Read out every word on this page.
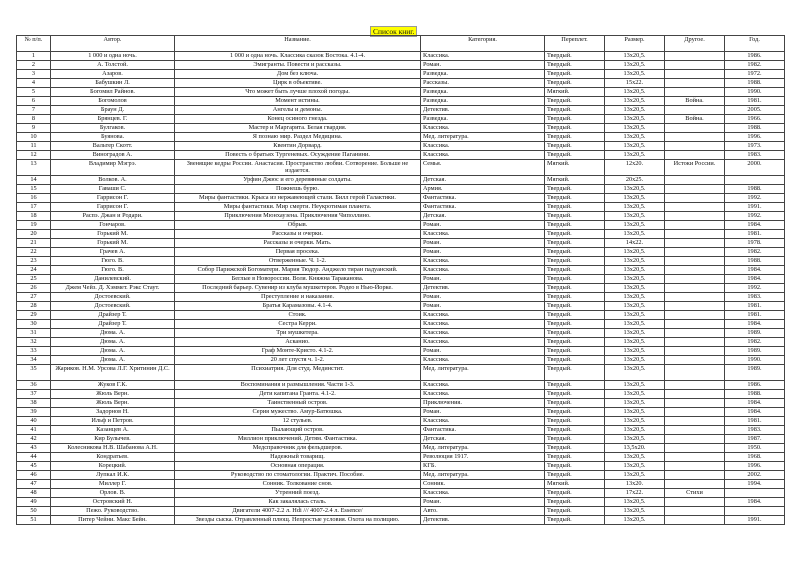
Список книг.
№ п/п.	Автор.	Название.	Категория.	Переплет.	Размер.	Другое.	Год.
1	1 000 и одна ночь.	1 000 и одна ночь. Классика сказок Востока. 4.1-4.	Классика.	Твердый.	13х20,5.		1986.
2	А. Толстой.	Эмигранты. Повести и рассказы.	Роман.	Твердый.	13х20,5.		1982.
3	Азаров.	Дом без ключа.	Разведка.	Твердый.	13х20,5.		1972.
4	Бабушкин Л.	Цирк в объективе.	Рассказы.	Твердый.	15х22.		1988.
5	Богомил Райнов.	Что может быть лучше плохой погоды.	Разведка.	Мягкий.	13х20,5.		1990.
6	Богомолов	Момент истины.	Разведка.	Твердый.	13х20,5.	Война.	1981.
7	Браун Д.	Ангелы и демоны.	Детектив.	Твердый.	13х20,5.		2005.
8	Брянцев. Г.	Конец осиного гнезда.	Разведка.	Твердый.	13х20,5.	Война.	1966.
9	Булгаков.	Мастер и Маргарита. Белая гвардия.	Классика.	Твердый.	13х20,5.		1988.
10	Буянова.	Я познаю мир. Раздел Медицина.	Мед. литература.	Твердый.	13х20,5.		1996.
11	Вальтер Скотт.	Квентин Дорвард.	Классика.	Твердый.	13х20,5.		1973.
12	Виноградов А.	Повесть о братьях Тургеневых. Осуждение Паганини.	Классика.	Твердый.	13х20,5.		1983.
13	Владимир Мэгрэ.	Звенящие кедры России. Анастасия. Пространство любви. Сотворение. Больше не издается.	Семья.	Мягкий.	12х20.	Истоки России.	2000.
14	Волков. А.	Урфин Джюс и его деревянные солдаты.	Детская.	Мягкий.	20х25.		
15	Гаваши С.	Пожнешь бурю.	Армия.	Твердый.	13х20,5.		1988.
16	Гаррисон Г.	Миры фантастики. Крыса из нержавеющей стали. Билл герой Галактики.	Фантастика.	Твердый.	13х20,5.		1992.
17	Гаррисон Г.	Миры фантастики. Мир смерти. Неукротимая планета.	Фантастика.	Твердый.	13х20,5.		1991.
18	Распэ. Джан и Родари.	Приключения Мюнхаузена. Приключения Чиполлино.	Детская.	Твердый.	13х20,5.		1992.
19	Гончаров.	Обрыв.	Роман.	Твердый.	13х20,5.		1984.
20	Горький М.	Рассказы и очерки.	Классика.	Твердый.	13х20,5.		1981.
21	Горький М.	Рассказы и очерки. Мать.	Роман.	Твердый.	14х22.		1978.
22	Грачев А.	Первая просека.	Роман.	Твердый.	13х20,5.		1982.
23	Гюго. В.	Отверженные. Ч. 1-2.	Классика.	Твердый.	13х20,5.		1988.
24	Гюго. В.	Собор Парижской Богоматери. Мария Тюдор. Анджело тиран падуанский.	Классика.	Твердый.	13х20,5.		1984.
25	Данилевский.	Беглые в Новороссии. Воля. Княжна Тараканова.	Роман.	Твердый.	13х20,5.		1984.
26	Джем Чейз. Д. Хэммет. Рэкс Стаут.	Последний барьер. Сувенир из клуба мушкетеров. Родео в Нью-Йорке.	Детектив.	Твердый.	13х20,5.		1992.
27	Достоевский.	Преступление и наказание.	Роман.	Твердый.	13х20,5.		1983.
28	Достоевский.	Братья Карамазовы. 4.1-4.	Роман.	Твердый.	13х20,5.		1981.
29	Драйзер Т.	Стоик.	Классика.	Твердый.	13х20,5.		1981.
30	Драйзер Т.	Сестра Керри.	Классика.	Твердый.	13х20,5.		1984.
31	Дюма. А.	Три мушкетера.	Классика.	Твердый.	13х20,5.		1989.
32	Дюма. А.	Асканио.	Классика.	Твердый.	13х20,5.		1982.
33	Дюма. А.	Граф Монте-Кристо. 4.1-2.	Роман.	Твердый.	13х20,5.		1989.
34	Дюма. А.	20 лет спустя ч. 1-2.	Классика.	Твердый.	13х20,5.		1990.
35	Жариков. Н.М. Урсова Л.Г. Хритинин Д.С.	Психиатрия. Для студ. Мединстит.	Мед. литература.	Твердый.	13х20,5.		1989.
36	Жуков Г.К.	Воспоминания и размышления. Части 1-3.	Классика.	Твердый.	13х20,5.		1986.
37	Жюль Верн.	Дети капитана Гранта. 4.1-2.	Классика.	Твердый.	13х20,5.		1988.
38	Жюль Верн.	Таинственный остров.	Приключения.	Твердый.	13х20,5.		1984.
39	Задорнов Н.	Серия мужество. Амур-Батюшка.	Роман.	Твердый.	13х20,5.		1984.
40	Ильф и Петров.	12 стульев.	Классика.	Твердый.	13х20,5.		1981.
41	Казанцев А.	Пылающий остров.	Фантастика.	Твердый.	13х20,5.		1983.
42	Кир Булычев.	Миллион приключений. Детям. Фантастика.	Детская.	Твердый.	13х20,5.		1987.
43	Колесникова Н.В. Шабанова А.Н.	Медсправочник для фельдшеров.	Мед. литература.	Твердый.	13,5х20.		1950.
44	Кондратьев.	Надежный товарищ.	Революция 1917.	Твердый.	13х20,5.		1968.
45	Корецкий.	Основная операция.	КГБ.	Твердый.	13х20,5.		1996.
46	Лупкал И.К.	Руководство по стоматологии. Практич. Пособие.	Мед. литература.	Твердый.	13х20,5.		2002.
47	Миллер Г.	Сонник. Толкование снов.	Сонник.	Мягкий.	13х20.		1994.
48	Орлов. В.	Утренний поезд.	Классика.	Твердый.	17х22.	Стихи	
49	Островский Н.	Как закалялась сталь.	Роман.	Твердый.	13х20,5.		1984.
50	Пежо. Руководство.	Двигатели 4007-2.2 л. Hdi /// 4007-2.4 л. Essence/	Авто.	Твердый.	13х20,5.		
51	Питер Чейни. Макс Бейн.	Звезды сыска. Отравленный плющ. Непростые условия. Охота на полицию.	Детектив.	Твердый.	13х20,5.		1991.
